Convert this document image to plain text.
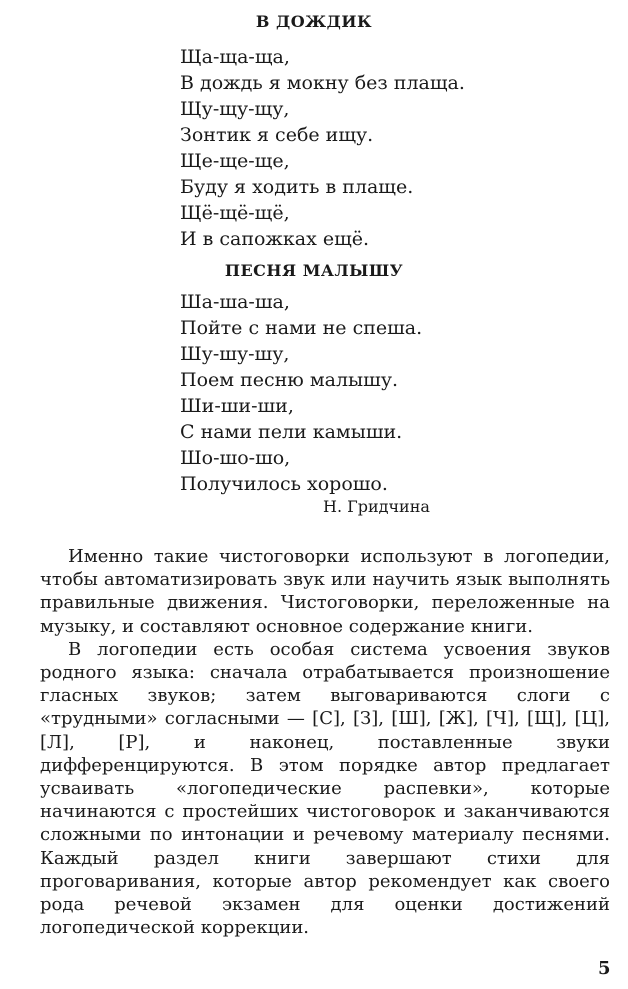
В ДОЖДИК
Ща-ща-ща,
В дождь я мокну без плаща.
Щу-щу-щу,
Зонтик я себе ищу.
Ще-ще-ще,
Буду я ходить в плаще.
Щё-щё-щё,
И в сапожках ещё.
ПЕСНЯ МАЛЫШУ
Ша-ша-ша,
Пойте с нами не спеша.
Шу-шу-шу,
Поем песню малышу.
Ши-ши-ши,
С нами пели камыши.
Шо-шо-шо,
Получилось хорошо.
Н. Гридчина
Именно такие чистоговорки используют в логопедии, чтобы автоматизировать звук или научить язык выполнять правильные движения. Чистоговорки, переложенные на музыку, и составляют основное содержание книги.
В логопедии есть особая система усвоения звуков родного языка: сначала отрабатывается произношение гласных звуков; затем выговариваются слоги с «трудными» согласными — [С], [З], [Ш], [Ж], [Ч], [Щ], [Ц], [Л], [Р], и наконец, поставленные звуки дифференцируются. В этом порядке автор предлагает усваивать «логопедические распевки», которые начинаются с простейших чистоговорок и заканчиваются сложными по интонации и речевому материалу песнями. Каждый раздел книги завершают стихи для проговаривания, которые автор рекомендует как своего рода речевой экзамен для оценки достижений логопедической коррекции.
5
